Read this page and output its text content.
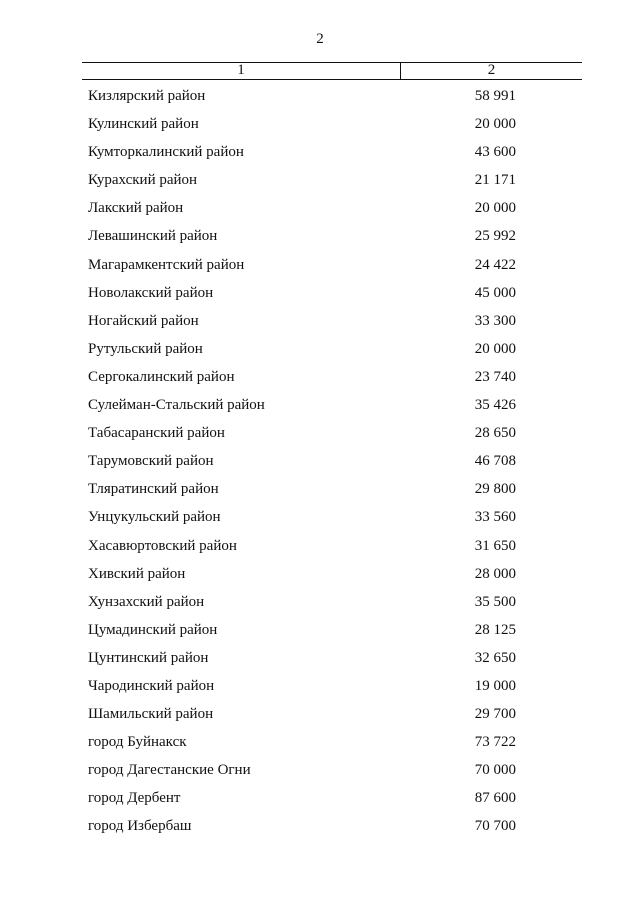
2
1	2
Кизлярский район	58 991
Кулинский район	20 000
Кумторкалинский район	43 600
Курахский район	21 171
Лакский район	20 000
Левашинский район	25 992
Магарамкентский район	24 422
Новолакский район	45 000
Ногайский район	33 300
Рутульский район	20 000
Сергокалинский район	23 740
Сулейман-Стальский район	35 426
Табасаранский район	28 650
Тарумовский район	46 708
Тляратинский район	29 800
Унцукульский район	33 560
Хасавюртовский район	31 650
Хивский район	28 000
Хунзахский район	35 500
Цумадинский район	28 125
Цунтинский район	32 650
Чародинский район	19 000
Шамильский район	29 700
город Буйнакск	73 722
город Дагестанские Огни	70 000
город Дербент	87 600
город Избербаш	70 700
